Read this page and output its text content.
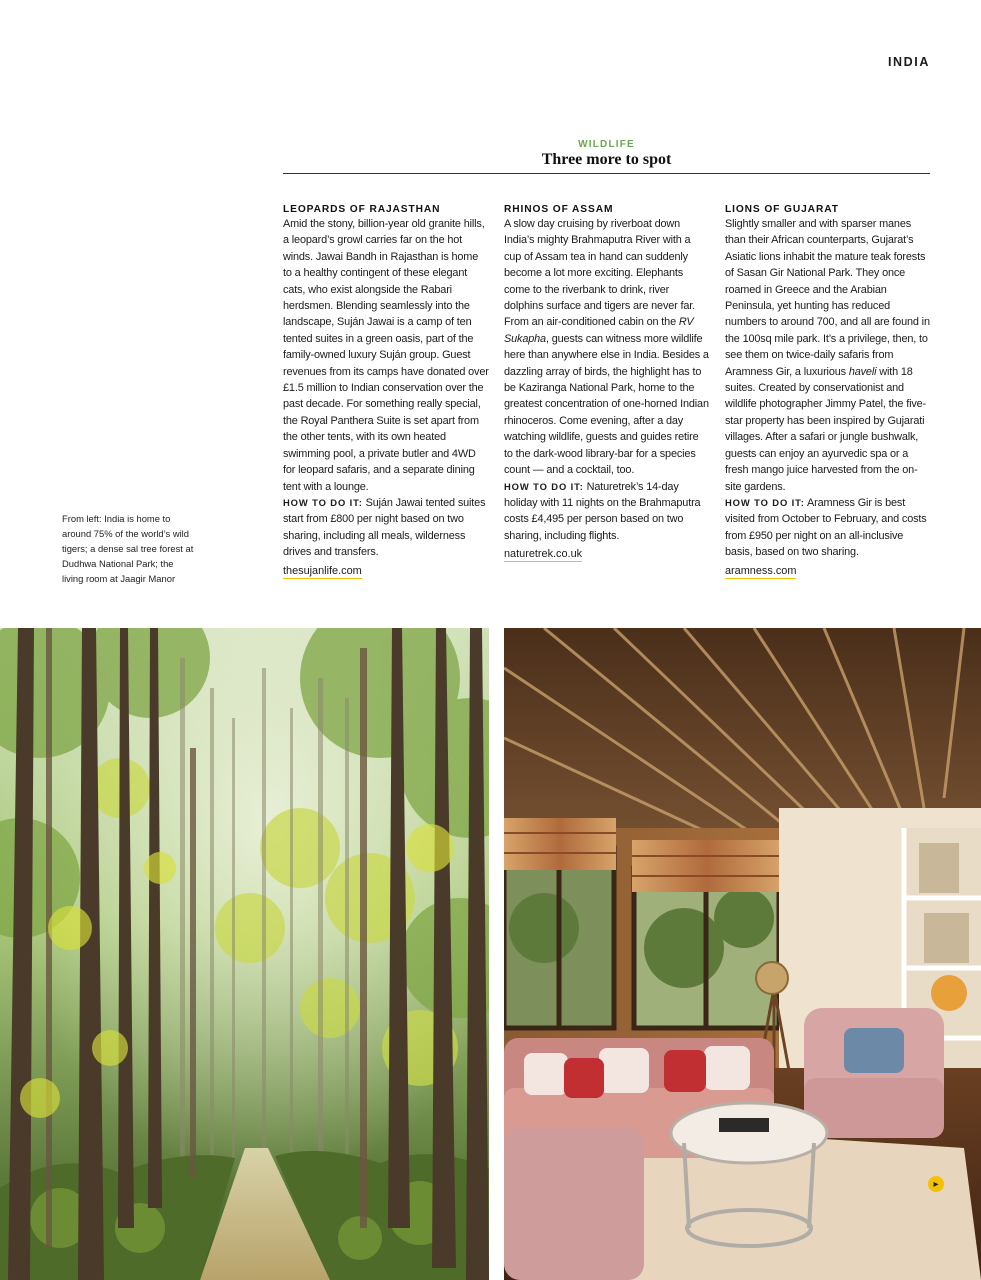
INDIA
WILDLIFE
Three more to spot
LEOPARDS OF RAJASTHAN

Amid the stony, billion-year old granite hills, a leopard’s growl carries far on the hot winds. Jawai Bandh in Rajasthan is home to a healthy contingent of these elegant cats, who exist alongside the Rabari herdsmen. Blending seamlessly into the landscape, Suján Jawai is a camp of ten tented suites in a green oasis, part of the family-owned luxury Suján group. Guest revenues from its camps have donated over £1.5 million to Indian conservation over the past decade. For something really special, the Royal Panthera Suite is set apart from the other tents, with its own heated swimming pool, a private butler and 4WD for leopard safaris, and a separate dining tent with a lounge.

HOW TO DO IT: Suján Jawai tented suites start from £800 per night based on two sharing, including all meals, wilderness drives and transfers.

thesujanlife.com
RHINOS OF ASSAM

A slow day cruising by riverboat down India’s mighty Brahmaputra River with a cup of Assam tea in hand can suddenly become a lot more exciting. Elephants come to the riverbank to drink, river dolphins surface and tigers are never far. From an air-conditioned cabin on the RV Sukapha, guests can witness more wildlife here than anywhere else in India. Besides a dazzling array of birds, the highlight has to be Kaziranga National Park, home to the greatest concentration of one-horned Indian rhinoceros. Come evening, after a day watching wildlife, guests and guides retire to the dark-wood library-bar for a species count — and a cocktail, too.

HOW TO DO IT: Naturetrek’s 14-day holiday with 11 nights on the Brahmaputra costs £4,495 per person based on two sharing, including flights.

naturetrek.co.uk
LIONS OF GUJARAT

Slightly smaller and with sparser manes than their African counterparts, Gujarat’s Asiatic lions inhabit the mature teak forests of Sasan Gir National Park. They once roamed in Greece and the Arabian Peninsula, yet hunting has reduced numbers to around 700, and all are found in the 100sq mile park. It’s a privilege, then, to see them on twice-daily safaris from Aramness Gir, a luxurious haveli with 18 suites. Created by conservationist and wildlife photographer Jimmy Patel, the five-star property has been inspired by Gujarati villages. After a safari or jungle bushwalk, guests can enjoy an ayurvedic spa or a fresh mango juice harvested from the on-site gardens.

HOW TO DO IT: Aramness Gir is best visited from October to February, and costs from £950 per night on an all-inclusive basis, based on two sharing.

aramness.com
From left: India is home to around 75% of the world’s wild tigers; a dense sal tree forest at Dudhwa National Park; the living room at Jaagir Manor
▸
